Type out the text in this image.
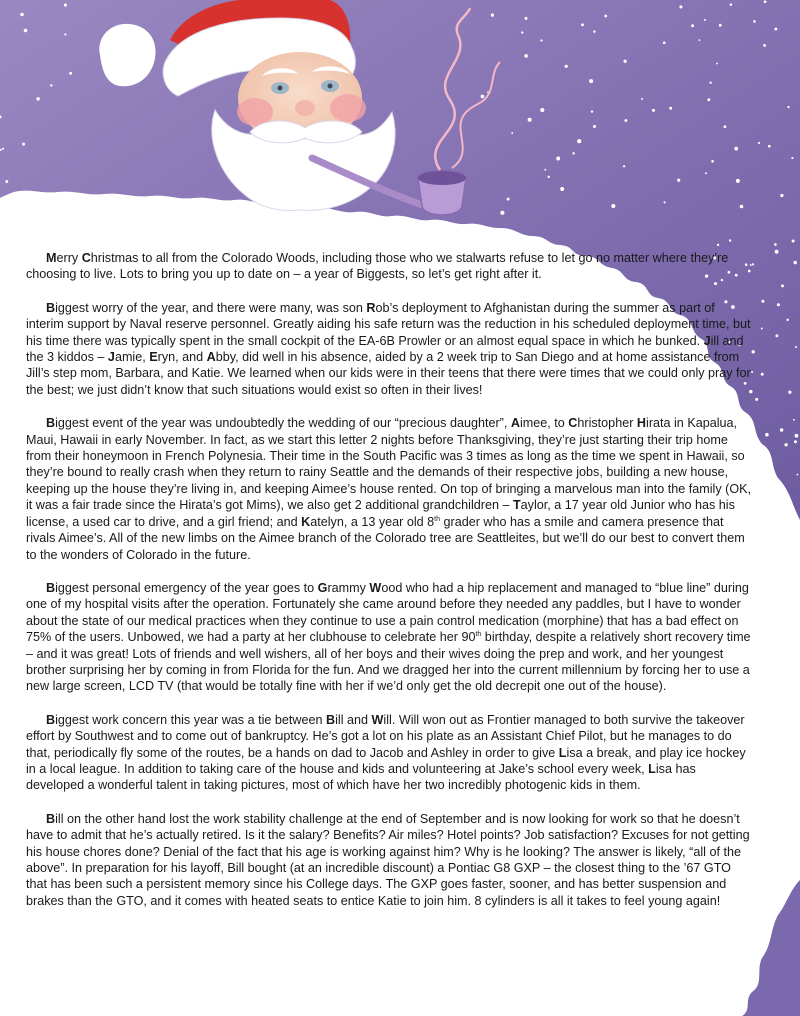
Merry Christmas to all from the Colorado Woods, including those who we stalwarts refuse to let go no matter where they’re choosing to live. Lots to bring you up to date on – a year of Biggests, so let’s get right after it.

Biggest worry of the year, and there were many, was son Rob’s deployment to Afghanistan during the summer as part of interim support by Naval reserve personnel. Greatly aiding his safe return was the reduction in his scheduled deployment time, but his time there was typically spent in the small cockpit of the EA-6B Prowler or an almost equal space in which he bunked. Jill and the 3 kiddos – Jamie, Eryn, and Abby, did well in his absence, aided by a 2 week trip to San Diego and at home assistance from Jill’s step mom, Barbara, and Katie. We learned when our kids were in their teens that there were times that we could only pray for the best; we just didn’t know that such situations would exist so often in their lives!

Biggest event of the year was undoubtedly the wedding of our “precious daughter”, Aimee, to Christopher Hirata in Kapalua, Maui, Hawaii in early November. In fact, as we start this letter 2 nights before Thanksgiving, they’re just starting their trip home from their honeymoon in French Polynesia. Their time in the South Pacific was 3 times as long as the time we spent in Hawaii, so they’re bound to really crash when they return to rainy Seattle and the demands of their respective jobs, building a new house, keeping up the house they’re living in, and keeping Aimee’s house rented. On top of bringing a marvelous man into the family (OK, it was a fair trade since the Hirata’s got Mims), we also get 2 additional grandchildren – Taylor, a 17 year old Junior who has his license, a used car to drive, and a girl friend; and Katelyn, a 13 year old 8th grader who has a smile and camera presence that rivals Aimee’s. All of the new limbs on the Aimee branch of the Colorado tree are Seattleites, but we’ll do our best to convert them to the wonders of Colorado in the future.

Biggest personal emergency of the year goes to Grammy Wood who had a hip replacement and managed to “blue line” during one of my hospital visits after the operation. Fortunately she came around before they needed any paddles, but I have to wonder about the state of our medical practices when they continue to use a pain control medication (morphine) that has a bad effect on 75% of the users. Unbowed, we had a party at her clubhouse to celebrate her 90th birthday, despite a relatively short recovery time – and it was great! Lots of friends and well wishers, all of her boys and their wives doing the prep and work, and her youngest brother surprising her by coming in from Florida for the fun. And we dragged her into the current millennium by forcing her to use a new large screen, LCD TV (that would be totally fine with her if we’d only get the old decrepit one out of the house).

Biggest work concern this year was a tie between Bill and Will. Will won out as Frontier managed to both survive the takeover effort by Southwest and to come out of bankruptcy. He’s got a lot on his plate as an Assistant Chief Pilot, but he manages to do that, periodically fly some of the routes, be a hands on dad to Jacob and Ashley in order to give Lisa a break, and play ice hockey in a local league. In addition to taking care of the house and kids and volunteering at Jake’s school every week, Lisa has developed a wonderful talent in taking pictures, most of which have her two incredibly photogenic kids in them.

Bill on the other hand lost the work stability challenge at the end of September and is now looking for work so that he doesn’t have to admit that he’s actually retired. Is it the salary? Benefits? Air miles? Hotel points? Job satisfaction? Excuses for not getting his house chores done? Denial of the fact that his age is working against him? Why is he looking? The answer is likely, “all of the above”. In preparation for his layoff, Bill bought (at an incredible discount) a Pontiac G8 GXP – the closest thing to the ’67 GTO that has been such a persistent memory since his College days. The GXP goes faster, sooner, and has better suspension and brakes than the GTO, and it comes with heated seats to entice Katie to join him. 8 cylinders is all it takes to feel young again!
